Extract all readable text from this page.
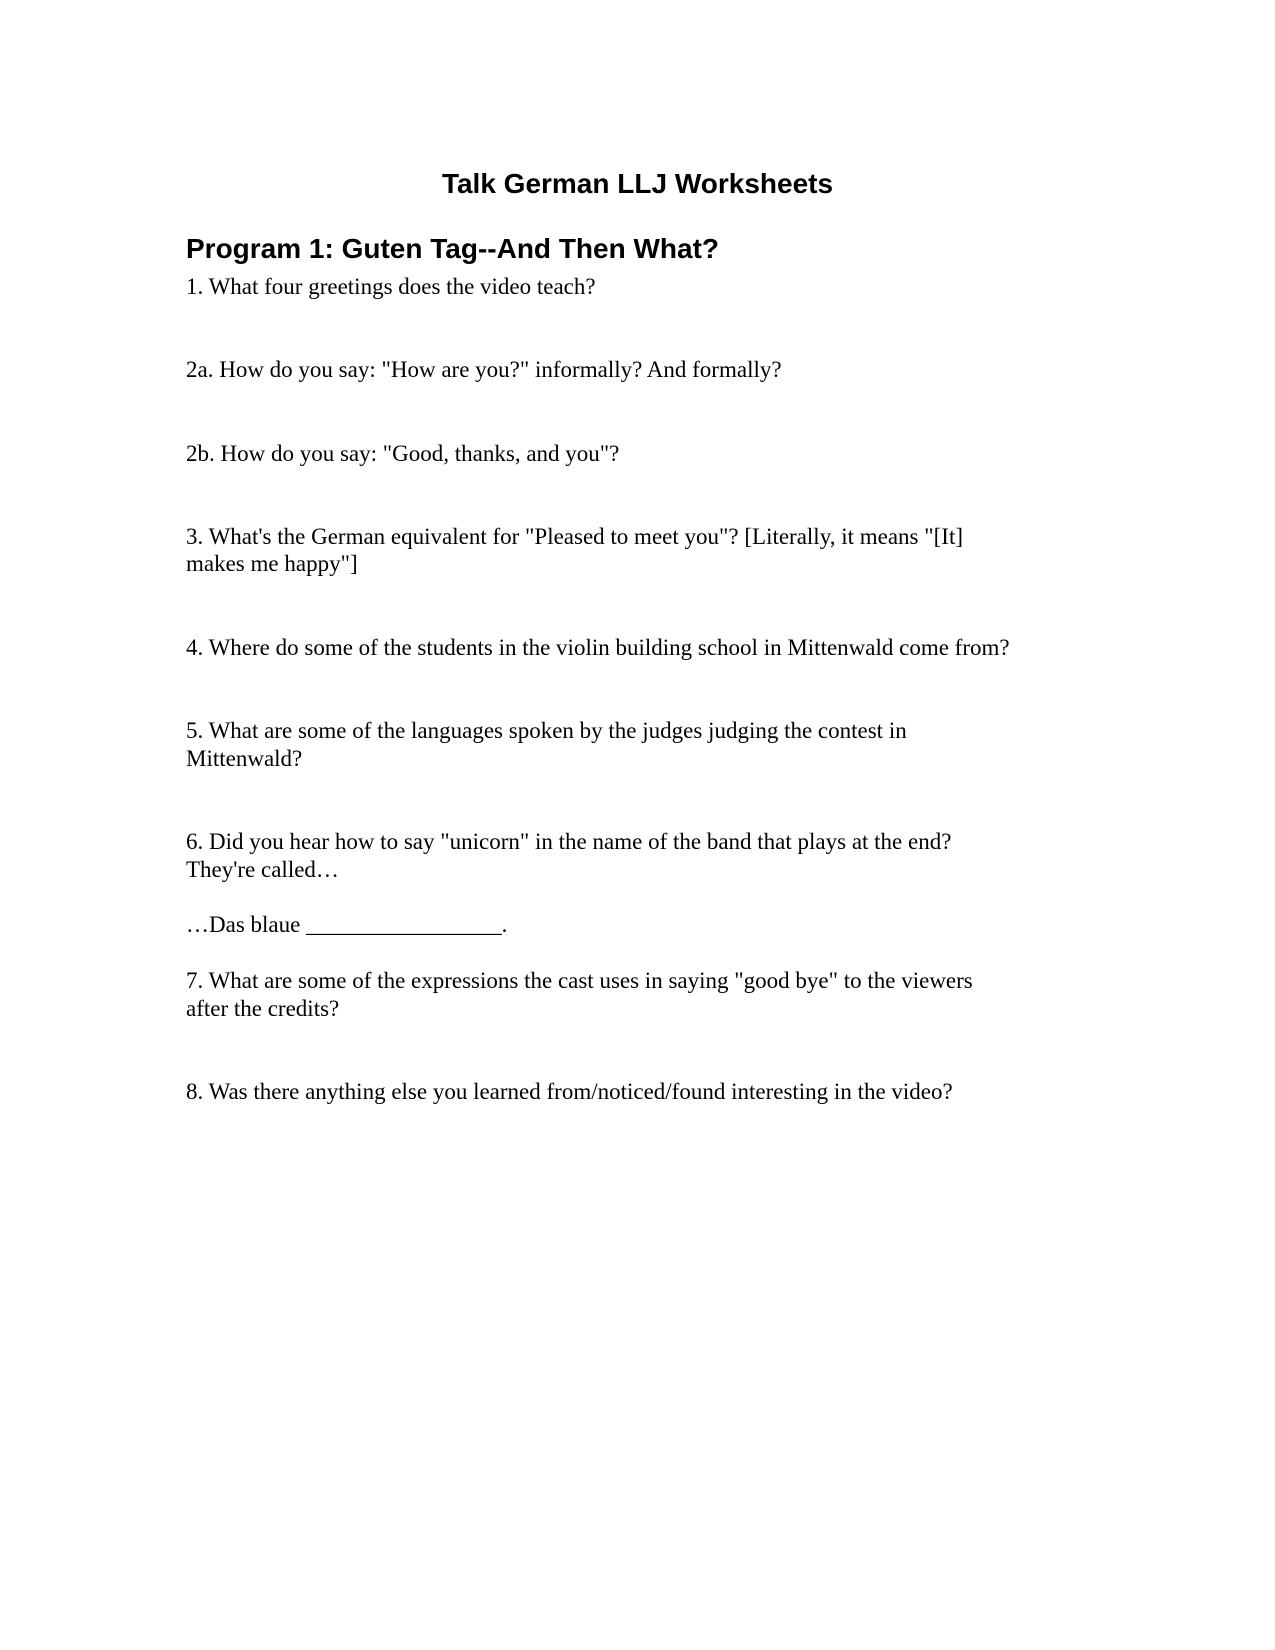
Talk German LLJ Worksheets
Program 1: Guten Tag--And Then What?

1. What four greetings does the video teach?

2a. How do you say: "How are you?" informally? And formally?

2b. How do you say: "Good, thanks, and you"?

3. What's the German equivalent for "Pleased to meet you"? [Literally, it means "[It]

makes me happy"]

4. Where do some of the students in the violin building school in Mittenwald come from?

5. What are some of the languages spoken by the judges judging the contest in

Mittenwald?

6. Did you hear how to say "unicorn" in the name of the band that plays at the end?

They're called…

…Das blaue _________________.

7. What are some of the expressions the cast uses in saying "good bye" to the viewers

after the credits?

8. Was there anything else you learned from/noticed/found interesting in the video?
